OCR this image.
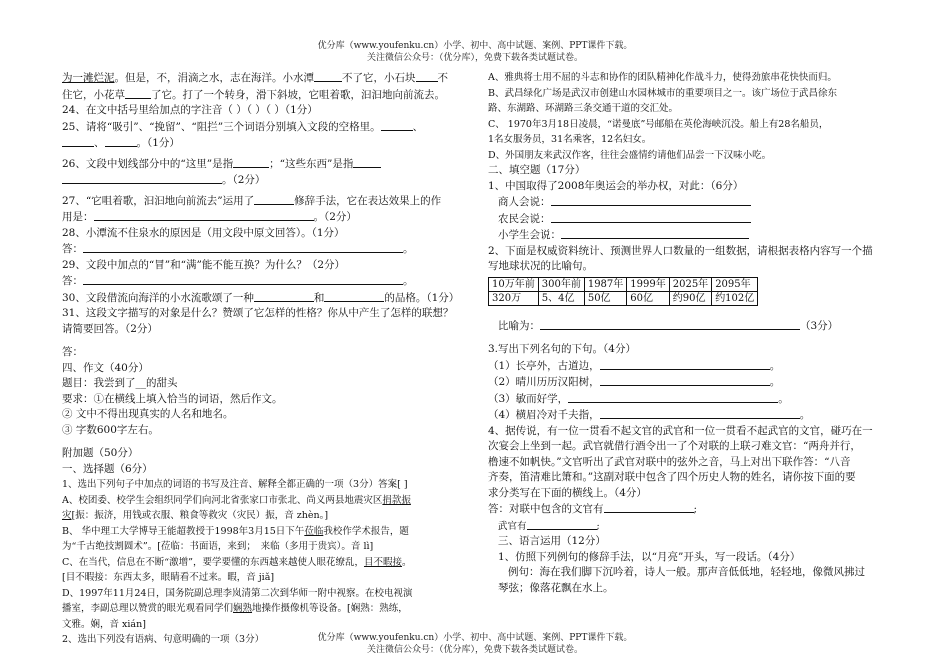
优分库（www.youfenku.cn）小学、初中、高中试题、案例、PPT课件下载。
关注微信公众号：（优分库），免费下载各类试题试卷。
为一滩烂泥。但是，不，涓滴之水，志在海洋。小水潭	不了它，小石块 不
住它，小花草 了它。打了一个转身，滑下斜坡，它咀着歌，汩汩地向前流去。
24、在文中括号里给加点的字注音（ ）（ ）（ ）（1分）
25、请将“吸引”、“挽留”、“阻拦”三个词语分别填入文段的空格里。	、
、	。（1分）
26、文段中划线部分中的“这里”是指	；“这些东西”是指
。（2分）
27、“它咀着歌，汩汩地向前流去”运用了	修辞手法，它在表达效果上的作
用是：	。（2分）
28、小潭流不住泉水的原因是（用文段中原文回答）。（1分）
答：	。
29、文段中加点的“冒”和“满”能不能互换？为什么？（2分）
答：	。
30、文段借流向海洋的小水流歌颂了一种	和	的品格。（1分）
31、这段文字描写的对象是什么？赞颂了它怎样的性格？你从中产生了怎样的联想？
请简要回答。（2分）
答：
四、作文（40分）
题目：我尝到了__的甜头
要求：①在横线上填入恰当的词语，然后作文。
② 文中不得出现真实的人名和地名。
③ 字数600字左右。
附加题（50分）
一、选择题（6分）
1、选出下列句子中加点的词语的书写及注音、解释全都正确的一项（3分）答案[ ]
A、校团委、校学生会组织同学们向河北省张家口市张北、尚义两县地震灾区捐款振
灾[振：振济，用钱或衣服、粮食等救灾（灾民）振，音 zhèn。]
B、 华中理工大学博导王能超教授于1998年3月15日下午莅临我校作学术报告，题
为“千古绝技割圆术”。[莅临：书面语，来到；　来临（多用于贵宾）。音 lì]
C、在当代，信息在不断“激增”，要学要懂的东西越来越使人眼花缭乱，目不暇接。
[目不暇接：东西太多，眼睛看不过来。暇，音 jiǎ]
D、1997年11月24日，国务院副总理李岚清第二次到华师一附中视察。在校电视演
播室，李副总理以赞赏的眼光观看同学们娴熟地操作摄像机等设备。[娴熟：熟练，
文雅。娴，音 xián]
2、选出下列没有语病、句意明确的一项（3分）
A、雅典将士用不屈的斗志和协作的团队精神化作战斗力，使得劲旅串花快快而归。
B、武昌绿化广场是武汉市创建山水园林城市的重要项目之一。该广场位于武昌徐东
路、东湖路、环湖路三条交通干道的交汇处。
C、 1970年3月18日凌晨，“诺曼底”号邮船在英伦海峡沉没。船上有28名船员，
1名女服务员，31名乘客，12名妇女。
D、外国朋友来武汉作客，往往会盛情约请他们品尝一下汉味小吃。
二、填空题（17分）
1、中国取得了2008年奥运会的举办权，对此：（6分）
商人会说：
农民会说：
小学生会说：
2、下面是权威资料统计、预测世界人口数量的一组数据，请根据表格内容写一个描
写地球状况的比喻句。
10万年前	300年前	1987年	1999年	2025年	2095年
320万	5、4亿	50亿	60亿	约90亿	约102亿
比喻为：	（3分）
3.写出下列名句的下句。（4分）
（1）长亭外，古道边，	。
（2）晴川历历汉阳树，	。
（3）敏而好学，	。
（4）横眉冷对千夫指，	。
4、据传说，有一位一贯看不起文官的武官和一位一贯看不起武官的文官，碰巧在一
次宴会上坐到一起。武官就借行酒令出一了个对联的上联刁难文官：“两舟并行，
橹速不如帆快。”文官听出了武官对联中的弦外之音，马上对出下联作答：“八音
齐奏，笛清难比箫和。”这副对联中包含了四个历史人物的姓名，请你按下面的要
求分类写在下面的横线上。（4分）
答：对联中包含的文官有	;
武官有	;
三、语言运用（12分）
1、仿照下列例句的修辞手法，以“月亮”开头，写一段话。（4分）
例句：海在我们脚下沉吟着，诗人一般。那声音低低地，轻轻地，像微风拂过
琴弦；像落花飘在水上。
优分库（www.youfenku.cn）小学、初中、高中试题、案例、PPT课件下载。
关注微信公众号：（优分库），免费下载各类试题试卷。
